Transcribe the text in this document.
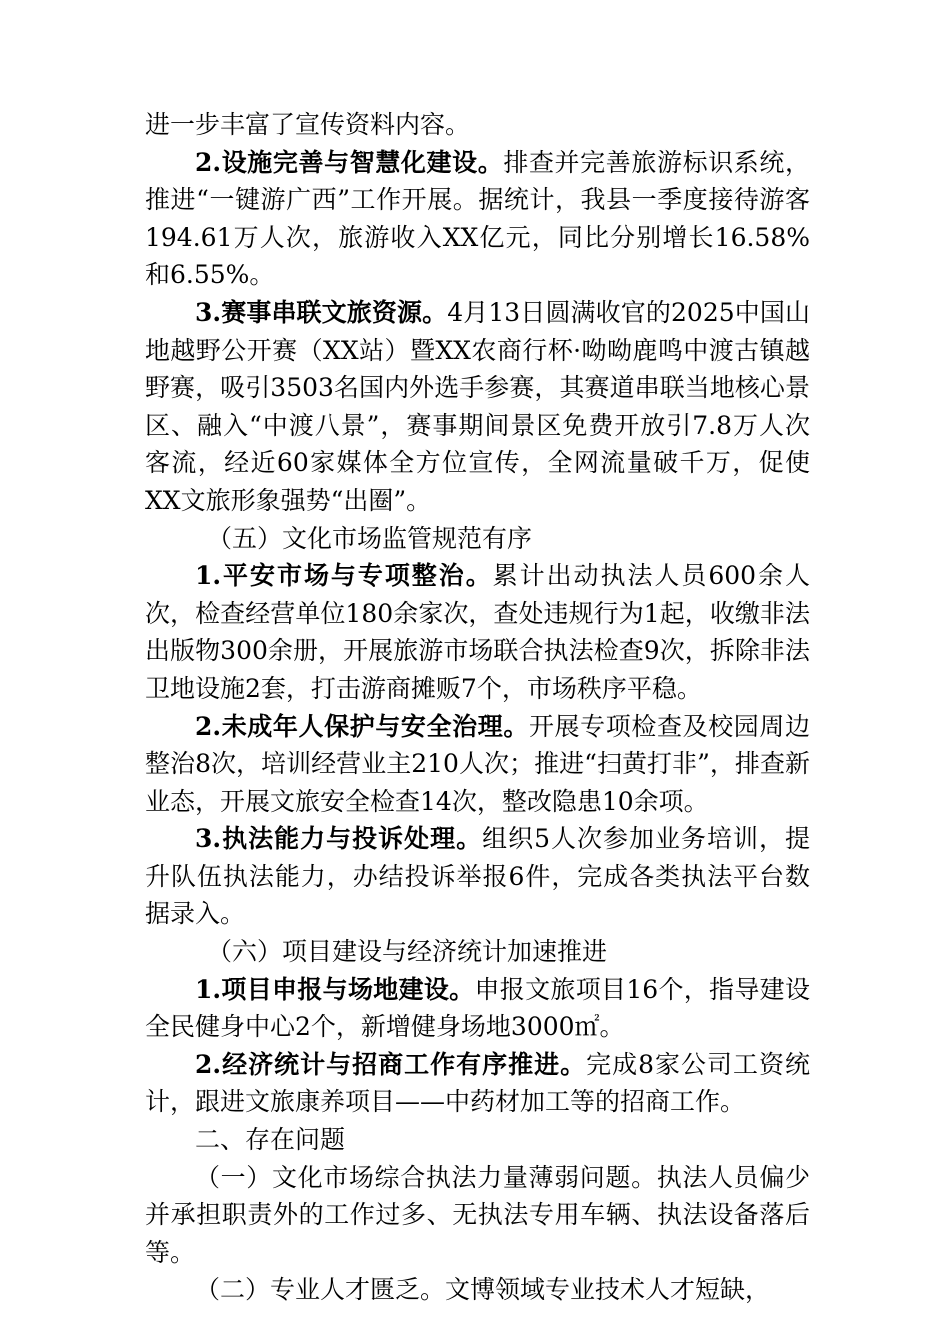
进一步丰富了宣传资料内容。

2.设施完善与智慧化建设。排查并完善旅游标识系统，推进“一键游广西”工作开展。据统计，我县一季度接待游客194.61万人次，旅游收入XX亿元，同比分别增长16.58%和6.55%。

3.赛事串联文旅资源。4月13日圆满收官的2025中国山地越野公开赛（XX站）暨XX农商行杯·呦呦鹿鸣中渡古镇越野赛，吸引3503名国内外选手参赛，其赛道串联当地核心景区、融入“中渡八景”，赛事期间景区免费开放引7.8万人次客流，经近60家媒体全方位宣传，全网流量破千万，促使XX文旅形象强势“出圈”。

（五）文化市场监管规范有序

1.平安市场与专项整治。累计出动执法人员600余人次，检查经营单位180余家次，查处违规行为1起，收缴非法出版物300余册，开展旅游市场联合执法检查9次，拆除非法卫地设施2套，打击游商摊贩7个，市场秩序平稳。

2.未成年人保护与安全治理。开展专项检查及校园周边整治8次，培训经营业主210人次；推进“扫黄打非”，排查新业态，开展文旅安全检查14次，整改隐患10余项。

3.执法能力与投诉处理。组织5人次参加业务培训，提升队伍执法能力，办结投诉举报6件，完成各类执法平台数据录入。

（六）项目建设与经济统计加速推进

1.项目申报与场地建设。申报文旅项目16个，指导建设全民健身中心2个，新增健身场地3000㎡。

2.经济统计与招商工作有序推进。完成8家公司工资统计，跟进文旅康养项目——中药材加工等的招商工作。

二、存在问题

（一）文化市场综合执法力量薄弱问题。执法人员偏少并承担职责外的工作过多、无执法专用车辆、执法设备落后等。

（二）专业人才匮乏。文博领域专业技术人才短缺，
